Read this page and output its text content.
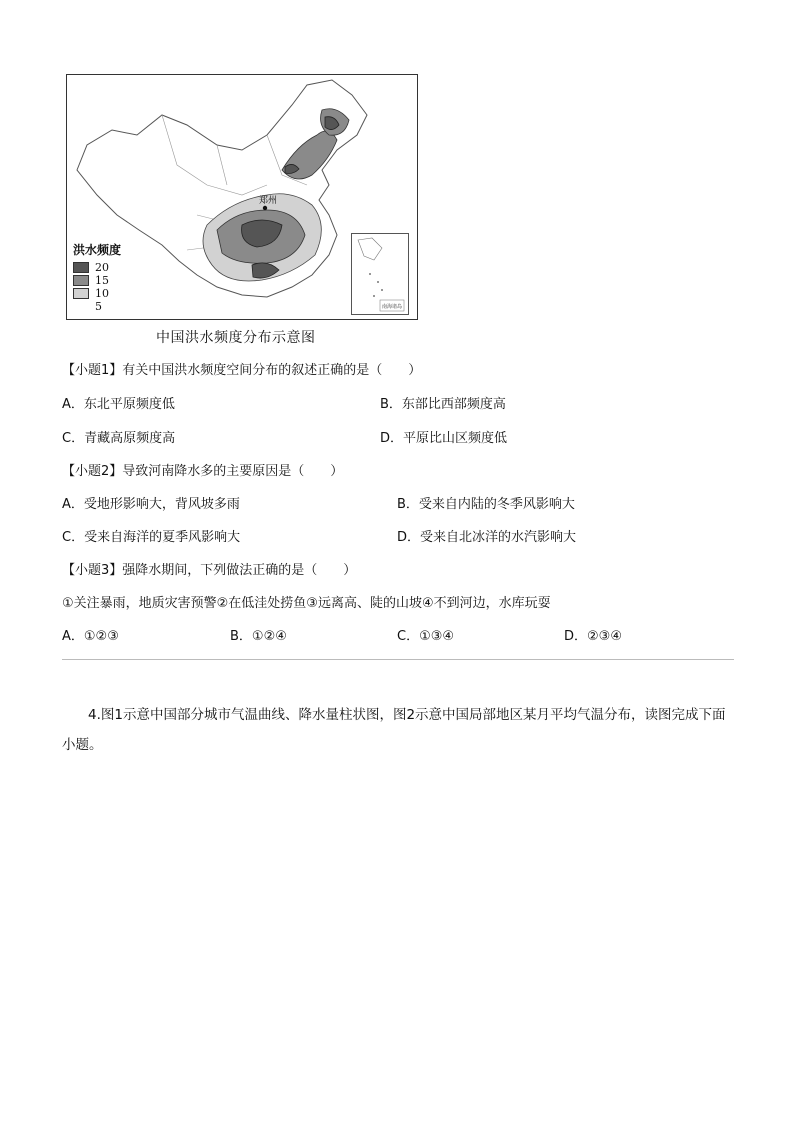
郑州
洪水频度
20
15
10
5	南海诸岛
中国洪水频度分布示意图
【小题1】有关中国洪水频度空间分布的叙述正确的是（　　）
A．东北平原频度低	B．东部比西部频度高
C．青藏高原频度高	D．平原比山区频度低
【小题2】导致河南降水多的主要原因是（　　）
A．受地形影响大，背风坡多雨	B．受来自内陆的冬季风影响大
C．受来自海洋的夏季风影响大	D．受来自北冰洋的水汽影响大
【小题3】强降水期间，下列做法正确的是（　　）
①关注暴雨，地质灾害预警②在低洼处捞鱼③远离高、陡的山坡④不到河边，水库玩耍
A．①②③	B．①②④	C．①③④	D．②③④
4.图1示意中国部分城市气温曲线、降水量柱状图，图2示意中国局部地区某月平均气温分布，读图完成下面小题。
